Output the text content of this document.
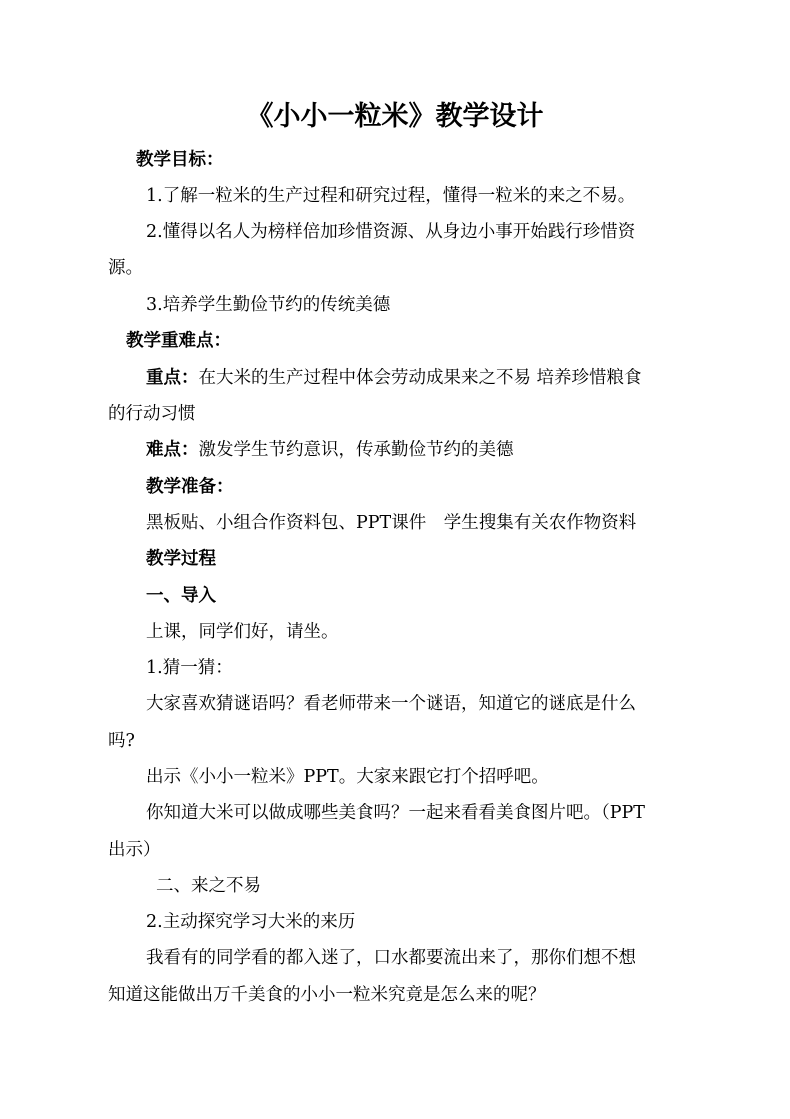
《小小一粒米》教学设计
教学目标：
1.了解一粒米的生产过程和研究过程，懂得一粒米的来之不易。
2.懂得以名人为榜样倍加珍惜资源、从身边小事开始践行珍惜资
源。
3.培养学生勤俭节约的传统美德
教学重难点：
重点：在大米的生产过程中体会劳动成果来之不易 培养珍惜粮食
的行动习惯
难点：激发学生节约意识，传承勤俭节约的美德
教学准备：
黑板贴、小组合作资料包、PPT课件　学生搜集有关农作物资料
教学过程
一、导入
上课，同学们好，请坐。
1.猜一猜：
大家喜欢猜谜语吗？看老师带来一个谜语，知道它的谜底是什么
吗?
出示《小小一粒米》PPT。大家来跟它打个招呼吧。
你知道大米可以做成哪些美食吗？一起来看看美食图片吧。（PPT
出示）
二、来之不易
2.主动探究学习大米的来历
我看有的同学看的都入迷了，口水都要流出来了，那你们想不想
知道这能做出万千美食的小小一粒米究竟是怎么来的呢？
